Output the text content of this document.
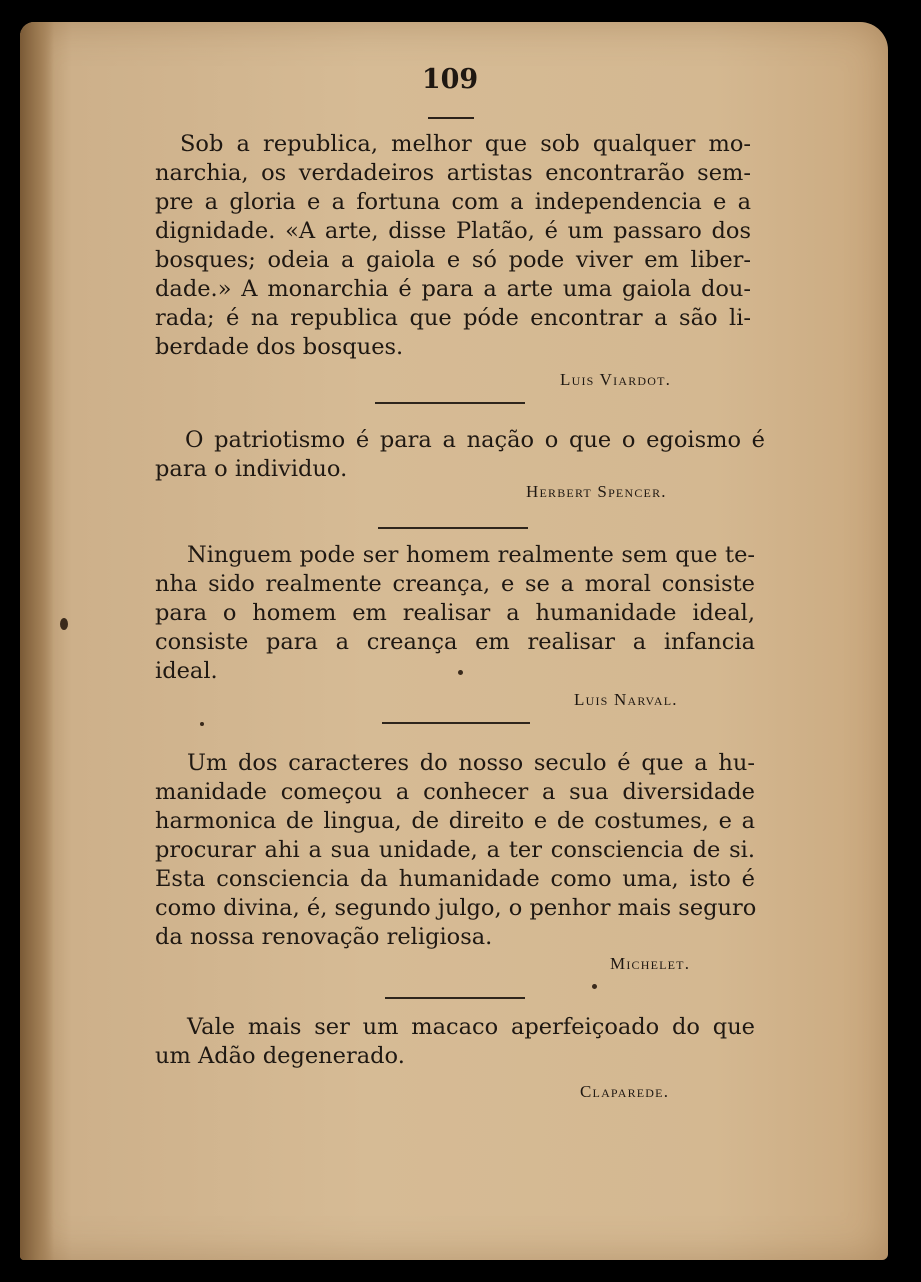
109
Sob a republica, melhor que sob qualquer mo-
narchia, os verdadeiros artistas encontrarão sem-
pre a gloria e a fortuna com a independencia e a
dignidade. «A arte, disse Platão, é um passaro dos
bosques; odeia a gaiola e só pode viver em liber-
dade.» A monarchia é para a arte uma gaiola dou-
rada; é na republica que póde encontrar a são li-
berdade dos bosques.
Luis Viardot.
O patriotismo é para a nação o que o egoismo é
para o individuo.
Herbert Spencer.
Ninguem pode ser homem realmente sem que te-
nha sido realmente creança, e se a moral consiste
para o homem em realisar a humanidade ideal,
consiste para a creança em realisar a infancia
ideal.
Luis Narval.
Um dos caracteres do nosso seculo é que a hu-
manidade começou a conhecer a sua diversidade
harmonica de lingua, de direito e de costumes, e a
procurar ahi a sua unidade, a ter consciencia de si.
Esta consciencia da humanidade como uma, isto é
como divina, é, segundo julgo, o penhor mais seguro
da nossa renovação religiosa.
Michelet.
Vale mais ser um macaco aperfeiçoado do que
um Adão degenerado.
Claparede.
